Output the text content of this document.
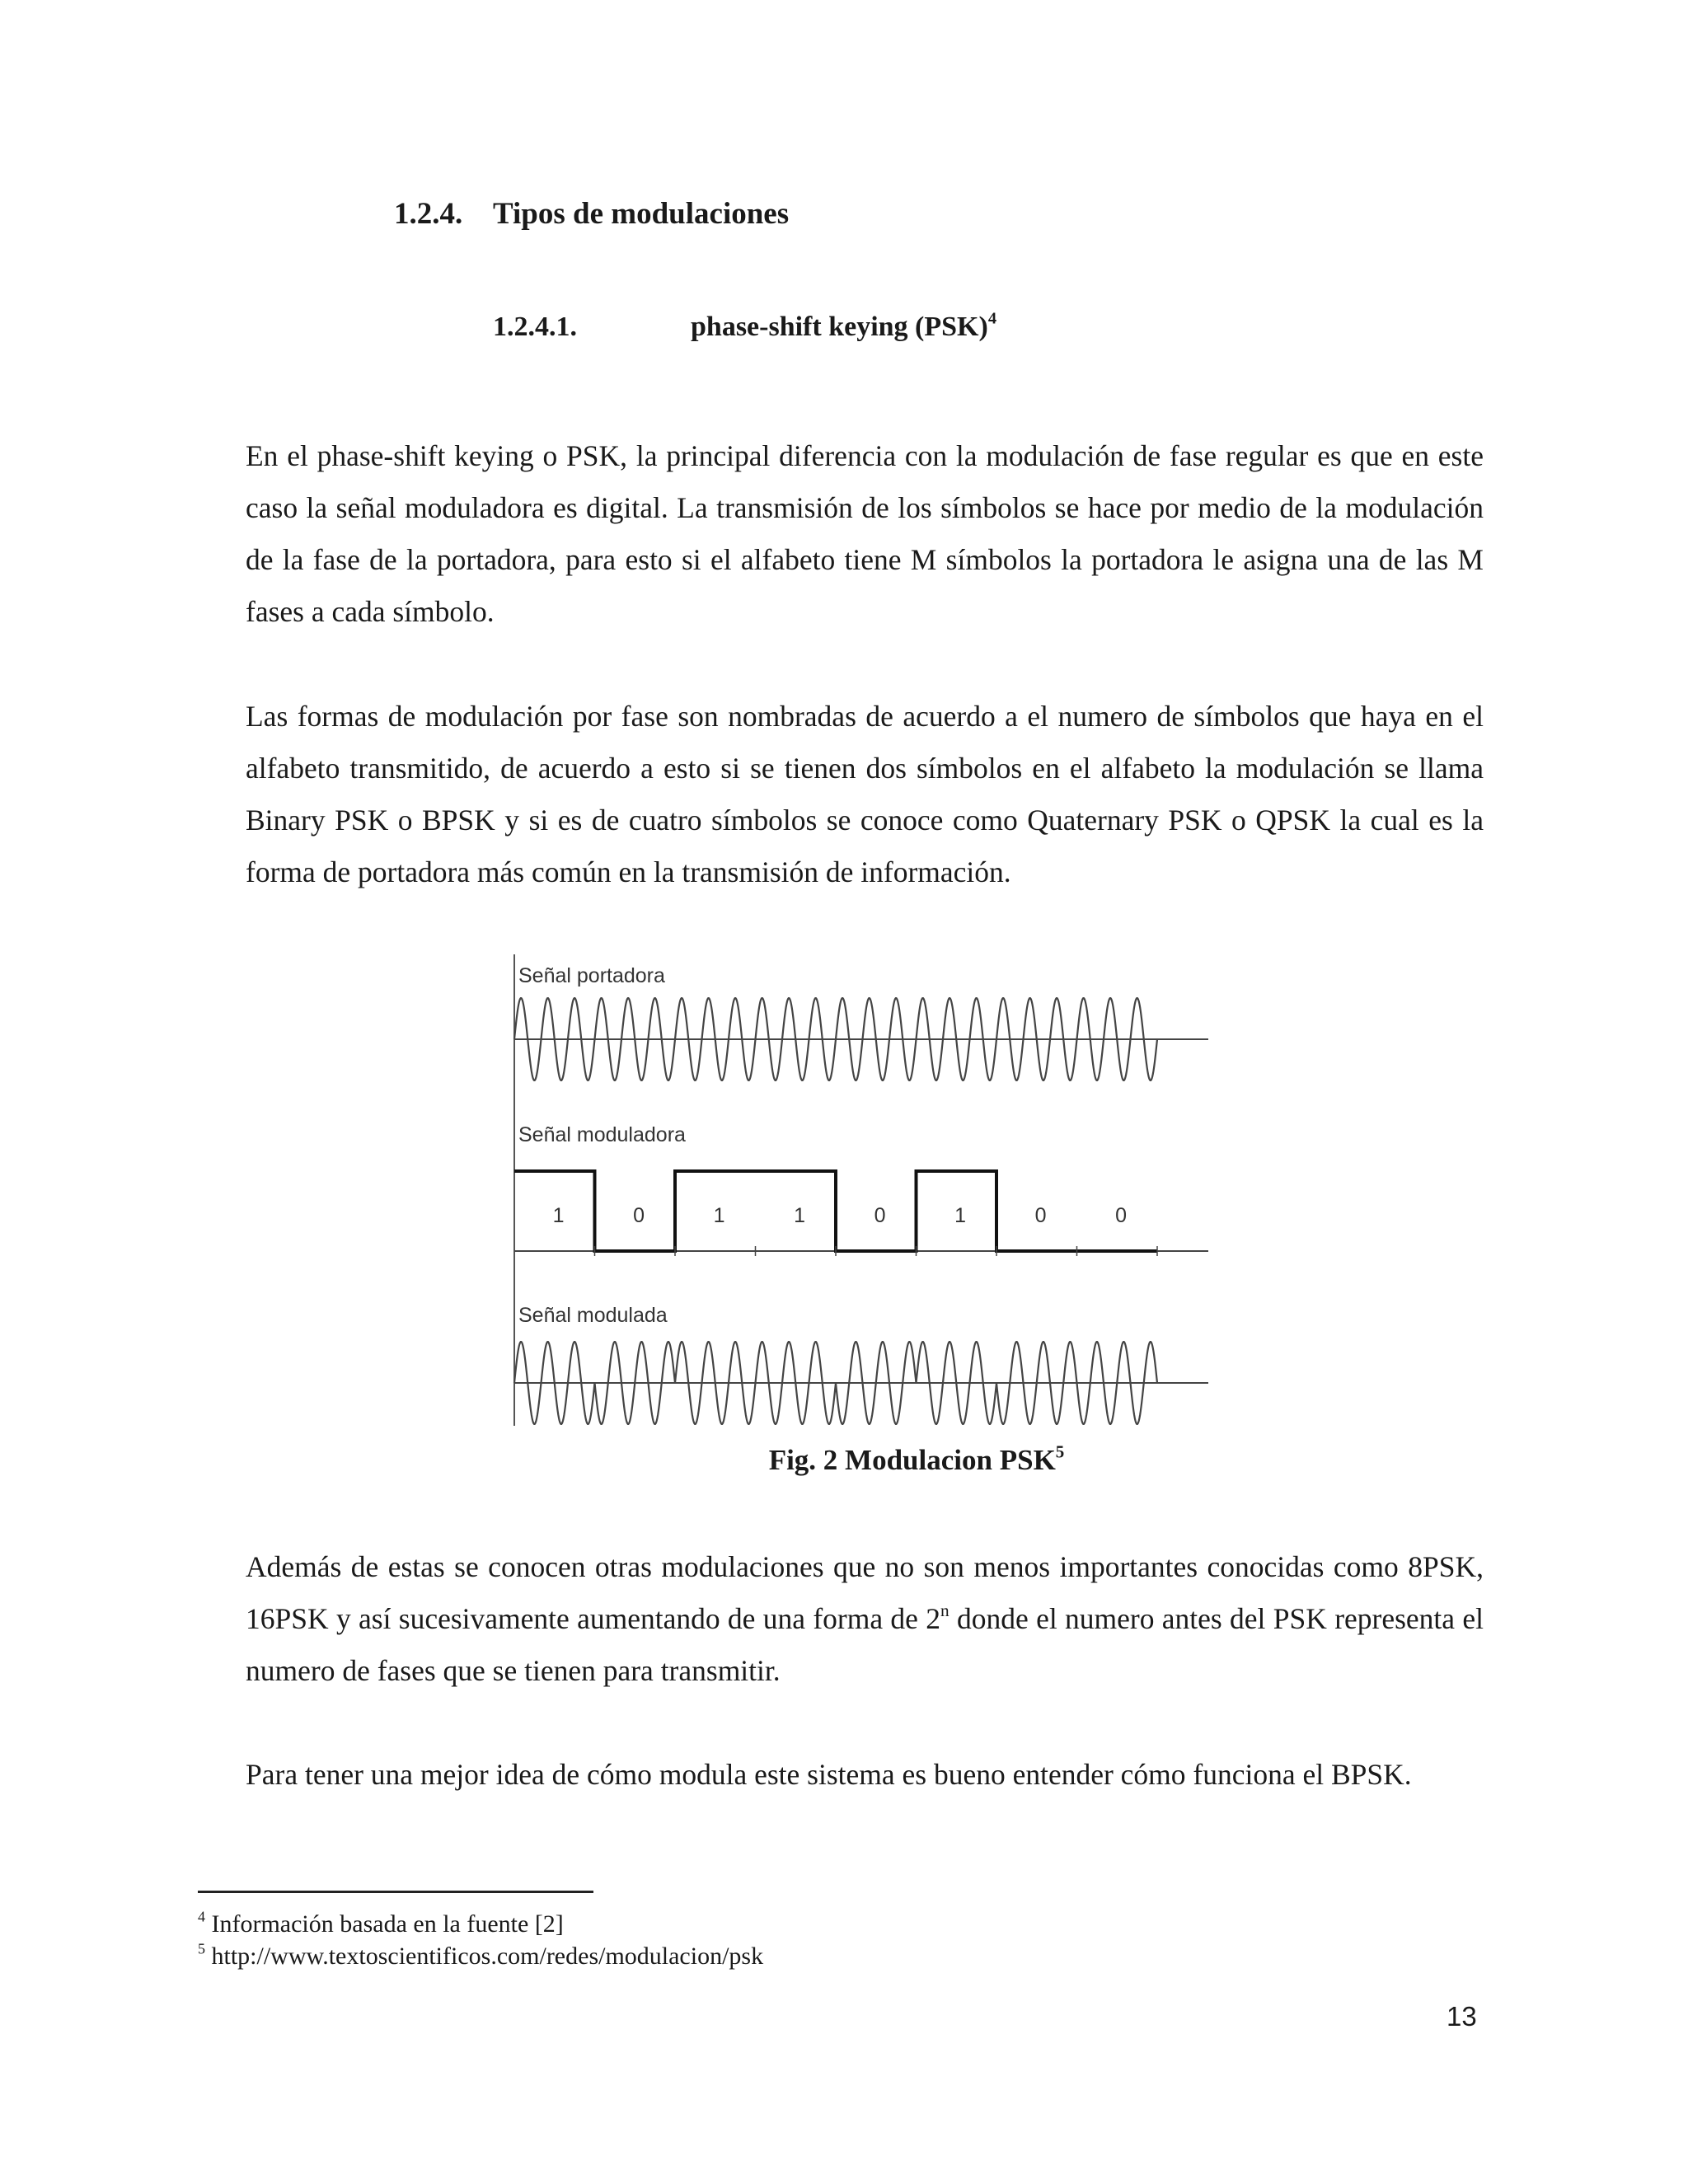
1.2.4. Tipos de modulaciones
1.2.4.1.	phase-shift keying (PSK)$^4$

En el phase-shift keying o PSK, la principal diferencia con la modulación de fase regular es que en este caso la señal moduladora es digital. La transmisión de los símbolos se hace por medio de la modulación de la fase de la portadora, para esto si el alfabeto tiene M símbolos la portadora le asigna una de las M fases a cada símbolo.

Las formas de modulación por fase son nombradas de acuerdo a el numero de símbolos que haya en el alfabeto transmitido, de acuerdo a esto si se tienen dos símbolos en el alfabeto la modulación se llama Binary PSK o BPSK y si es de cuatro símbolos se conoce como Quaternary PSK o QPSK la cual es la forma de portadora más común en la transmisión de información.

Señal portadora
Señal moduladora
Señal modulada
1	0	1	1	0	1	0	0
Fig. 2 Modulacion PSK$^5$

Además de estas se conocen otras modulaciones que no son menos importantes conocidas como 8PSK, 16PSK y así sucesivamente aumentando de una forma de 2$^n$ donde el numero antes del PSK representa el numero de fases que se tienen para transmitir.

Para tener una mejor idea de cómo modula este sistema es bueno entender cómo funciona el BPSK.

$^4$ Información basada en la fuente [2]
$^5$ http://www.textoscientificos.com/redes/modulacion/psk
13
